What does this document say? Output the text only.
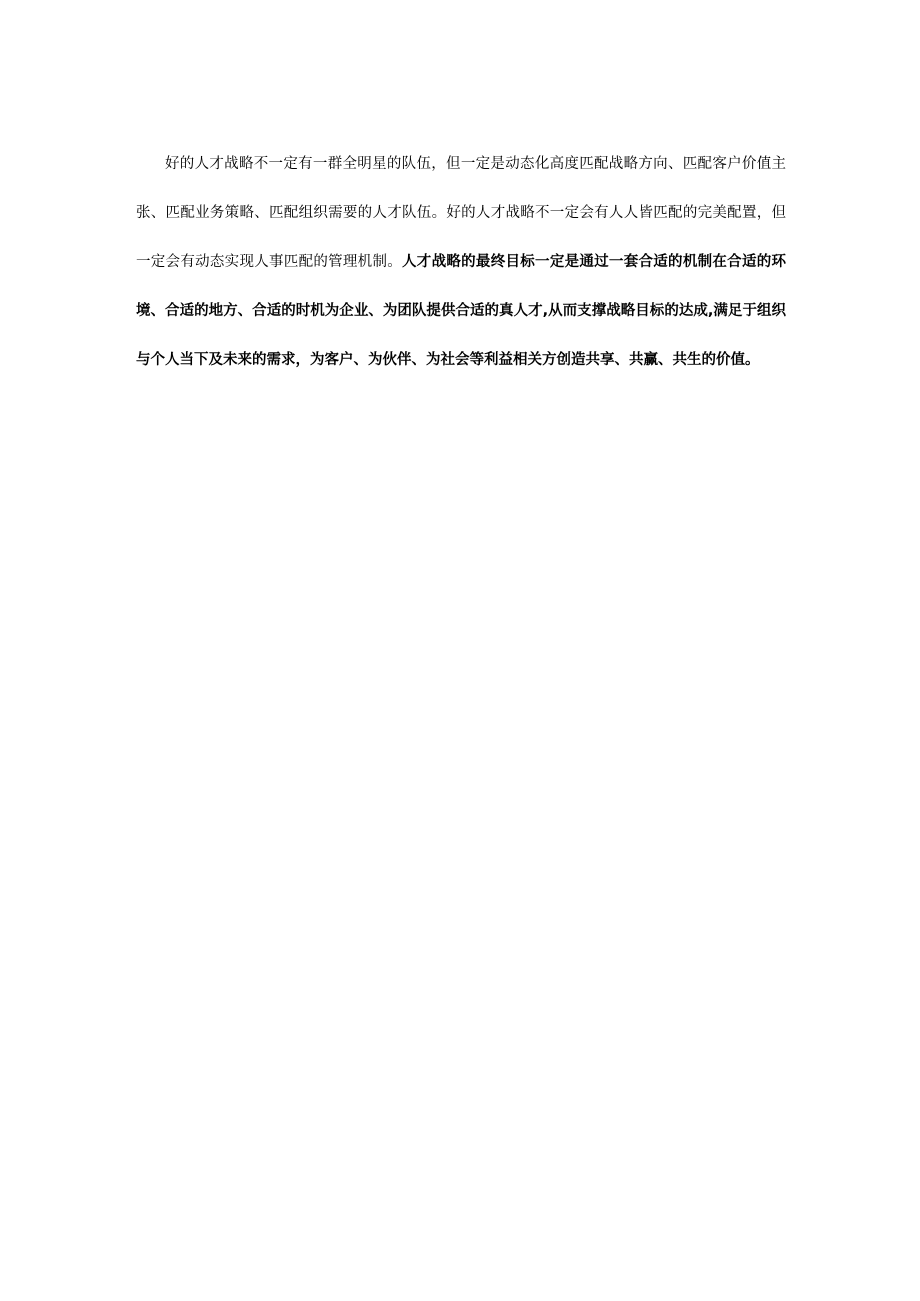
好的人才战略不一定有一群全明星的队伍，但一定是动态化高度匹配战略方向、匹配客户价值主张、匹配业务策略、匹配组织需要的人才队伍。好的人才战略不一定会有人人皆匹配的完美配置，但一定会有动态实现人事匹配的管理机制。人才战略的最终目标一定是通过一套合适的机制在合适的环境、合适的地方、合适的时机为企业、为团队提供合适的真人才,从而支撑战略目标的达成,满足于组织与个人当下及未来的需求，为客户、为伙伴、为社会等利益相关方创造共享、共赢、共生的价值。
